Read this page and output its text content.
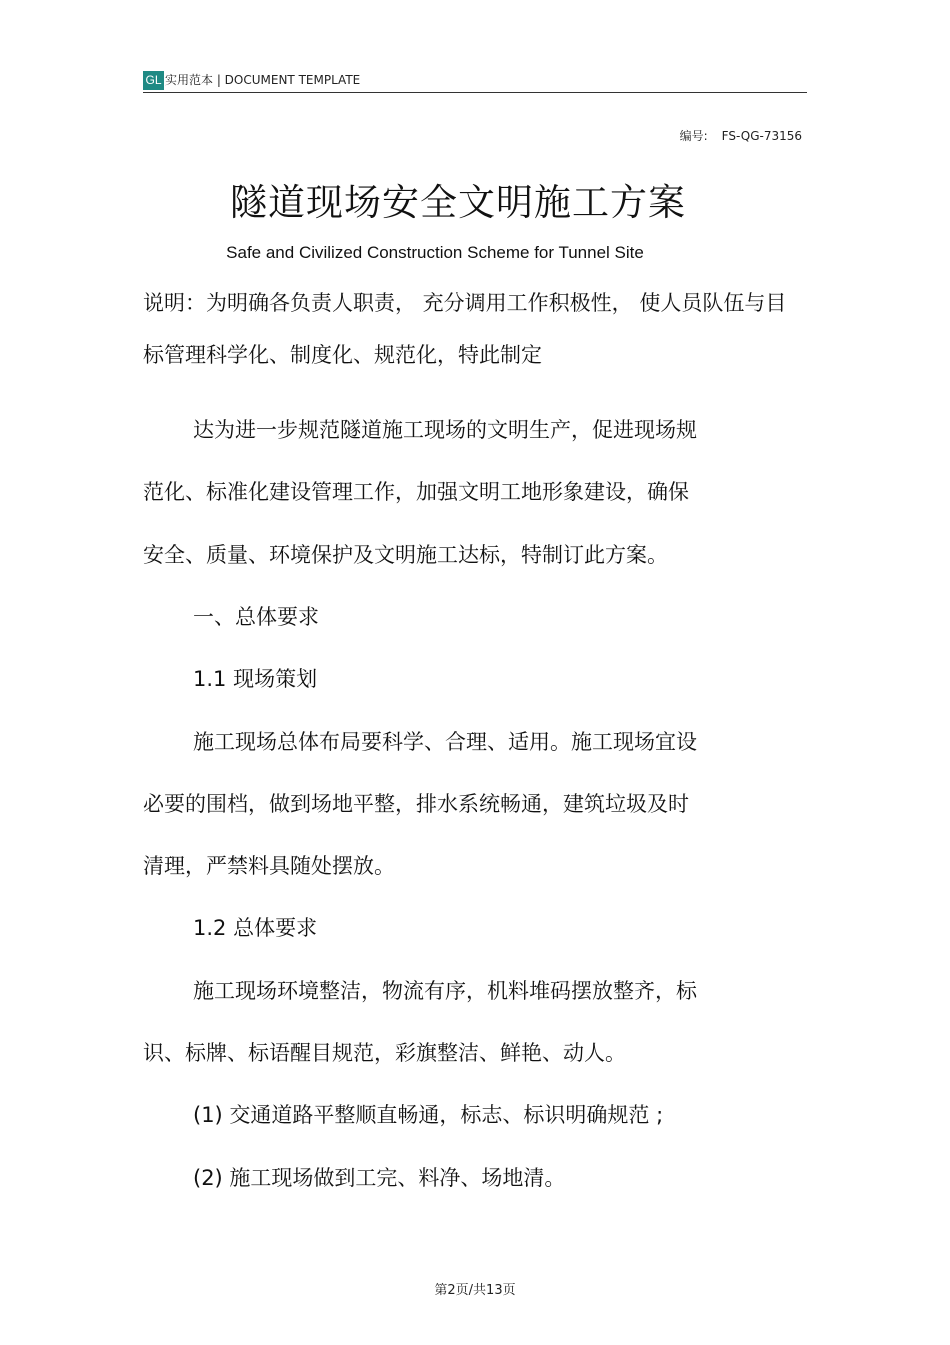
GL 实用范本 | DOCUMENT TEMPLATE
编号: FS-QG-73156
隧道现场安全文明施工方案
Safe and Civilized Construction Scheme for Tunnel Site
说明：为明确各负责人职责， 充分调用工作积极性， 使人员队伍与目
标管理科学化、制度化、规范化，特此制定
达为进一步规范隧道施工现场的文明生产，促进现场规
范化、标准化建设管理工作，加强文明工地形象建设，确保
安全、质量、环境保护及文明施工达标，特制订此方案。
一、总体要求
1.1 现场策划
施工现场总体布局要科学、合理、适用。施工现场宜设
必要的围档，做到场地平整，排水系统畅通，建筑垃圾及时
清理，严禁料具随处摆放。
1.2 总体要求
施工现场环境整洁，物流有序，机料堆码摆放整齐，标
识、标牌、标语醒目规范，彩旗整洁、鲜艳、动人。
(1) 交通道路平整顺直畅通，标志、标识明确规范 ;
(2) 施工现场做到工完、料净、场地清。
第2页/共13页
